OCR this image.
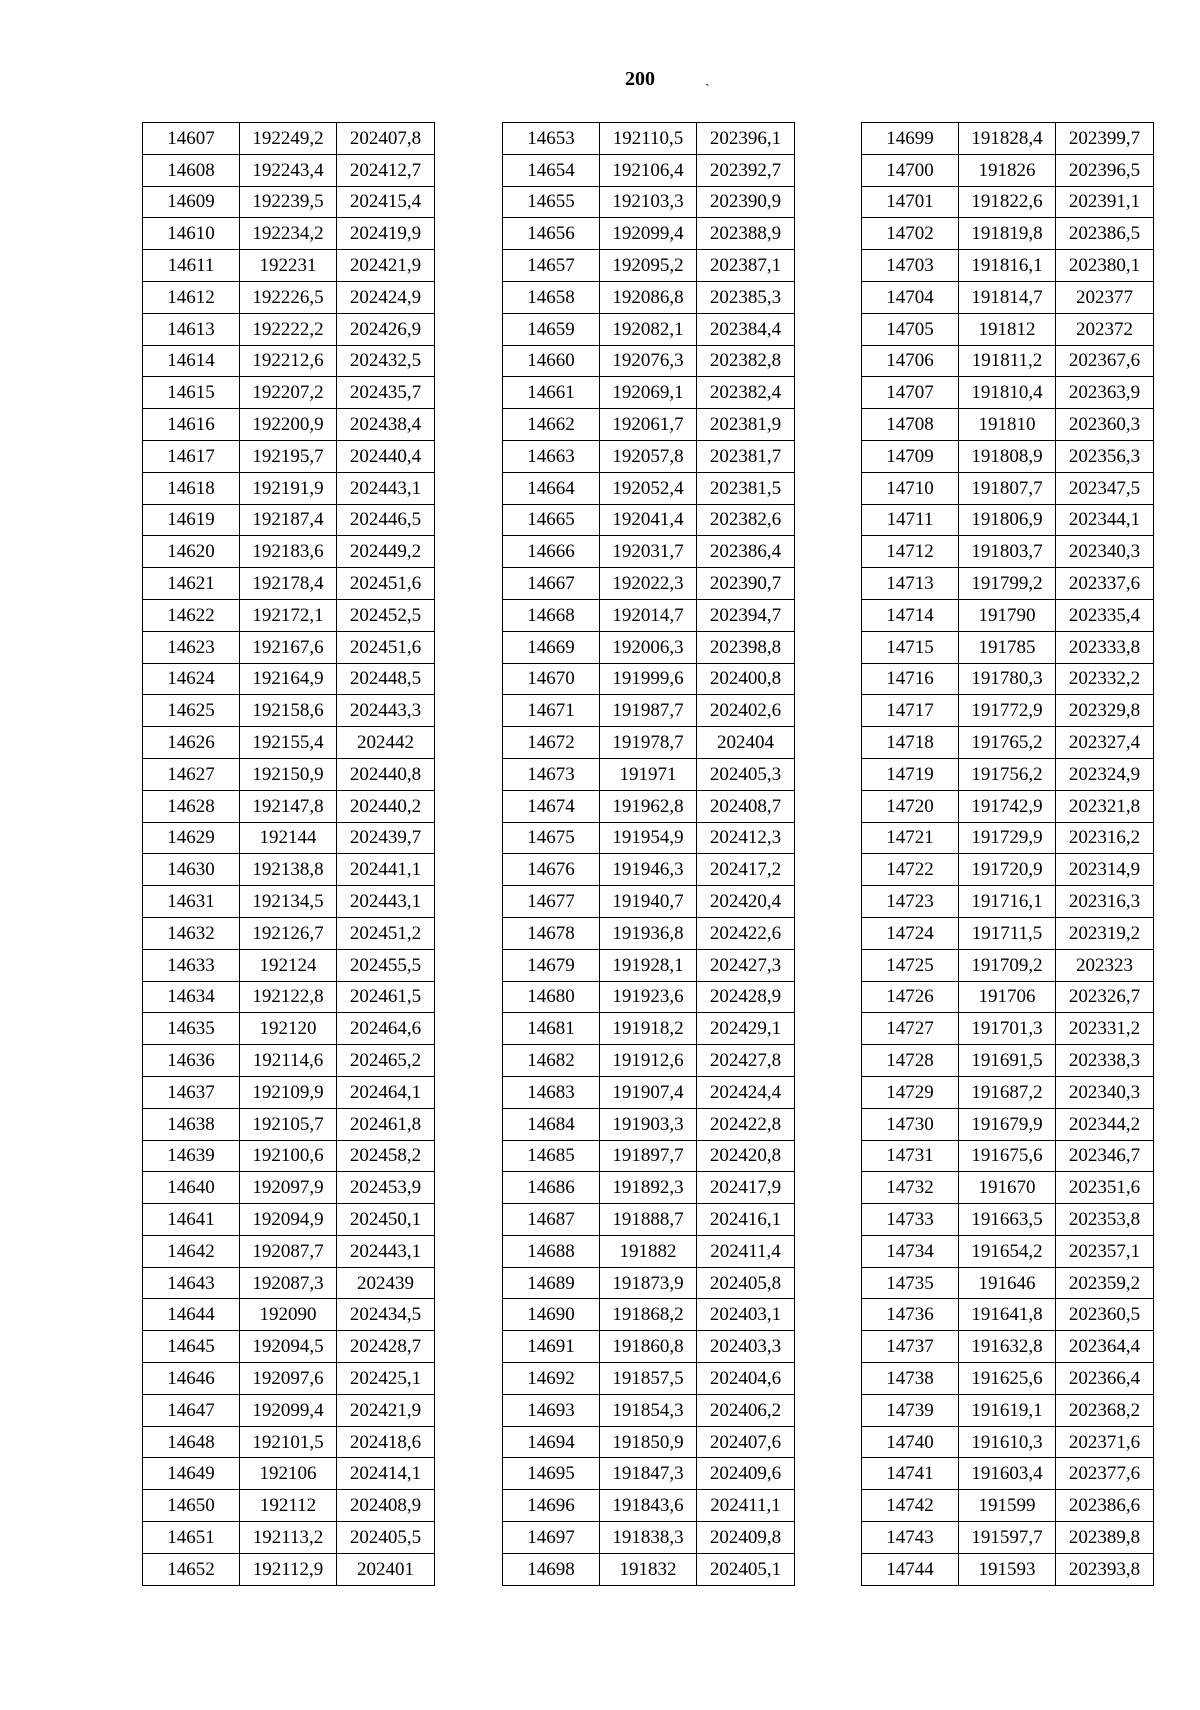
200	ˏ
14607	192249,2	202407,8
14608	192243,4	202412,7
14609	192239,5	202415,4
14610	192234,2	202419,9
14611	192231	202421,9
14612	192226,5	202424,9
14613	192222,2	202426,9
14614	192212,6	202432,5
14615	192207,2	202435,7
14616	192200,9	202438,4
14617	192195,7	202440,4
14618	192191,9	202443,1
14619	192187,4	202446,5
14620	192183,6	202449,2
14621	192178,4	202451,6
14622	192172,1	202452,5
14623	192167,6	202451,6
14624	192164,9	202448,5
14625	192158,6	202443,3
14626	192155,4	202442
14627	192150,9	202440,8
14628	192147,8	202440,2
14629	192144	202439,7
14630	192138,8	202441,1
14631	192134,5	202443,1
14632	192126,7	202451,2
14633	192124	202455,5
14634	192122,8	202461,5
14635	192120	202464,6
14636	192114,6	202465,2
14637	192109,9	202464,1
14638	192105,7	202461,8
14639	192100,6	202458,2
14640	192097,9	202453,9
14641	192094,9	202450,1
14642	192087,7	202443,1
14643	192087,3	202439
14644	192090	202434,5
14645	192094,5	202428,7
14646	192097,6	202425,1
14647	192099,4	202421,9
14648	192101,5	202418,6
14649	192106	202414,1
14650	192112	202408,9
14651	192113,2	202405,5
14652	192112,9	202401
14653	192110,5	202396,1
14654	192106,4	202392,7
14655	192103,3	202390,9
14656	192099,4	202388,9
14657	192095,2	202387,1
14658	192086,8	202385,3
14659	192082,1	202384,4
14660	192076,3	202382,8
14661	192069,1	202382,4
14662	192061,7	202381,9
14663	192057,8	202381,7
14664	192052,4	202381,5
14665	192041,4	202382,6
14666	192031,7	202386,4
14667	192022,3	202390,7
14668	192014,7	202394,7
14669	192006,3	202398,8
14670	191999,6	202400,8
14671	191987,7	202402,6
14672	191978,7	202404
14673	191971	202405,3
14674	191962,8	202408,7
14675	191954,9	202412,3
14676	191946,3	202417,2
14677	191940,7	202420,4
14678	191936,8	202422,6
14679	191928,1	202427,3
14680	191923,6	202428,9
14681	191918,2	202429,1
14682	191912,6	202427,8
14683	191907,4	202424,4
14684	191903,3	202422,8
14685	191897,7	202420,8
14686	191892,3	202417,9
14687	191888,7	202416,1
14688	191882	202411,4
14689	191873,9	202405,8
14690	191868,2	202403,1
14691	191860,8	202403,3
14692	191857,5	202404,6
14693	191854,3	202406,2
14694	191850,9	202407,6
14695	191847,3	202409,6
14696	191843,6	202411,1
14697	191838,3	202409,8
14698	191832	202405,1
14699	191828,4	202399,7
14700	191826	202396,5
14701	191822,6	202391,1
14702	191819,8	202386,5
14703	191816,1	202380,1
14704	191814,7	202377
14705	191812	202372
14706	191811,2	202367,6
14707	191810,4	202363,9
14708	191810	202360,3
14709	191808,9	202356,3
14710	191807,7	202347,5
14711	191806,9	202344,1
14712	191803,7	202340,3
14713	191799,2	202337,6
14714	191790	202335,4
14715	191785	202333,8
14716	191780,3	202332,2
14717	191772,9	202329,8
14718	191765,2	202327,4
14719	191756,2	202324,9
14720	191742,9	202321,8
14721	191729,9	202316,2
14722	191720,9	202314,9
14723	191716,1	202316,3
14724	191711,5	202319,2
14725	191709,2	202323
14726	191706	202326,7
14727	191701,3	202331,2
14728	191691,5	202338,3
14729	191687,2	202340,3
14730	191679,9	202344,2
14731	191675,6	202346,7
14732	191670	202351,6
14733	191663,5	202353,8
14734	191654,2	202357,1
14735	191646	202359,2
14736	191641,8	202360,5
14737	191632,8	202364,4
14738	191625,6	202366,4
14739	191619,1	202368,2
14740	191610,3	202371,6
14741	191603,4	202377,6
14742	191599	202386,6
14743	191597,7	202389,8
14744	191593	202393,8
